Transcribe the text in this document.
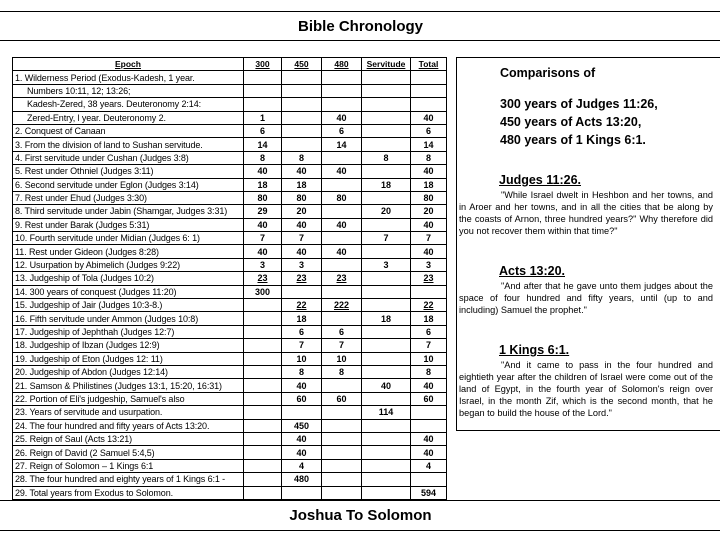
Bible Chronology
Epoch	300	450	480	Servitude	Total
1. Wilderness Period (Exodus-Kadesh, 1 year.					
Numbers 10:11, 12; 13:26;					
Kadesh-Zered, 38 years. Deuteronomy 2:14:					
Zered-Entry, l year. Deuteronomy 2.	1		40		40
2. Conquest of Canaan	6		6		6
3. From the division of land to Sushan servitude.	14		14		14
4. First servitude under Cushan (Judges 3:8)	8	8		8	8
5. Rest under Othniel (Judges 3:11)	40	40	40		40
6. Second servitude under Eglon (Judges 3:14)	18	18		18	18
7. Rest under Ehud (Judges 3:30)	80	80	80		80
8. Third servitude under Jabin (Shamgar, Judges 3:31)	29	20		20	20
9. Rest under Barak (Judges 5:31)	40	40	40		40
10. Fourth servitude under Midian (Judges 6: 1)	7	7		7	7
11. Rest under Gideon (Judges 8:28)	40	40	40		40
12. Usurpation by Abimelich (Judges 9:22)	3	3		3	3
13. Judgeship of Tola (Judges 10:2)	23	23	23		23
14. 300 years of conquest (Judges 11:20)	300				
15. Judgeship of Jair (Judges 10:3-8.)		22	222		22
16. Fifth servitude under Ammon (Judges 10:8)		18		18	18
17. Judgeship of Jephthah (Judges 12:7)		6	6		6
18. Judgeship of Ibzan (Judges 12:9)		7	7		7
19. Judgeship of Eton (Judges 12: 11)		10	10		10
20. Judgeship of Abdon (Judges 12:14)		8	8		8
21. Samson & Philistines (Judges 13:1, 15:20, 16:31)		40		40	40
22. Portion of Eli's judgeship, Samuel's also		60	60		60
23. Years of servitude and usurpation.				114	
24. The four hundred and fifty years of Acts 13:20.		450			
25. Reign of Saul (Acts 13:21)		40			40
26. Reign of David (2 Samuel 5:4,5)		40			40
27. Reign of Solomon – 1 Kings 6:1		4			4
28. The four hundred and eighty years of 1 Kings 6:1 -		480			
29. Total years from Exodus to Solomon.					594
Comparisons of
300 years of Judges 11:26,
450 years of Acts 13:20,
480 years of 1 Kings 6:1.
Judges 11:26.
"While Israel dwelt in Heshbon and her towns, and in Aroer and her towns, and in all the cities that be along by the coasts of Arnon, three hundred years?" Why therefore did you not recover them within that time?"
Acts 13:20.
"And after that he gave unto them judges about the space of four hundred and fifty years, until (up to and including) Samuel the prophet."
1 Kings 6:1.
"And it came to pass in the four hundred and eightieth year after the children of Israel were come out of the land of Egypt, in the fourth year of Solomon's reign over Israel, in the month Zif, which is the second month, that he began to build the house of the Lord."
Joshua To Solomon
